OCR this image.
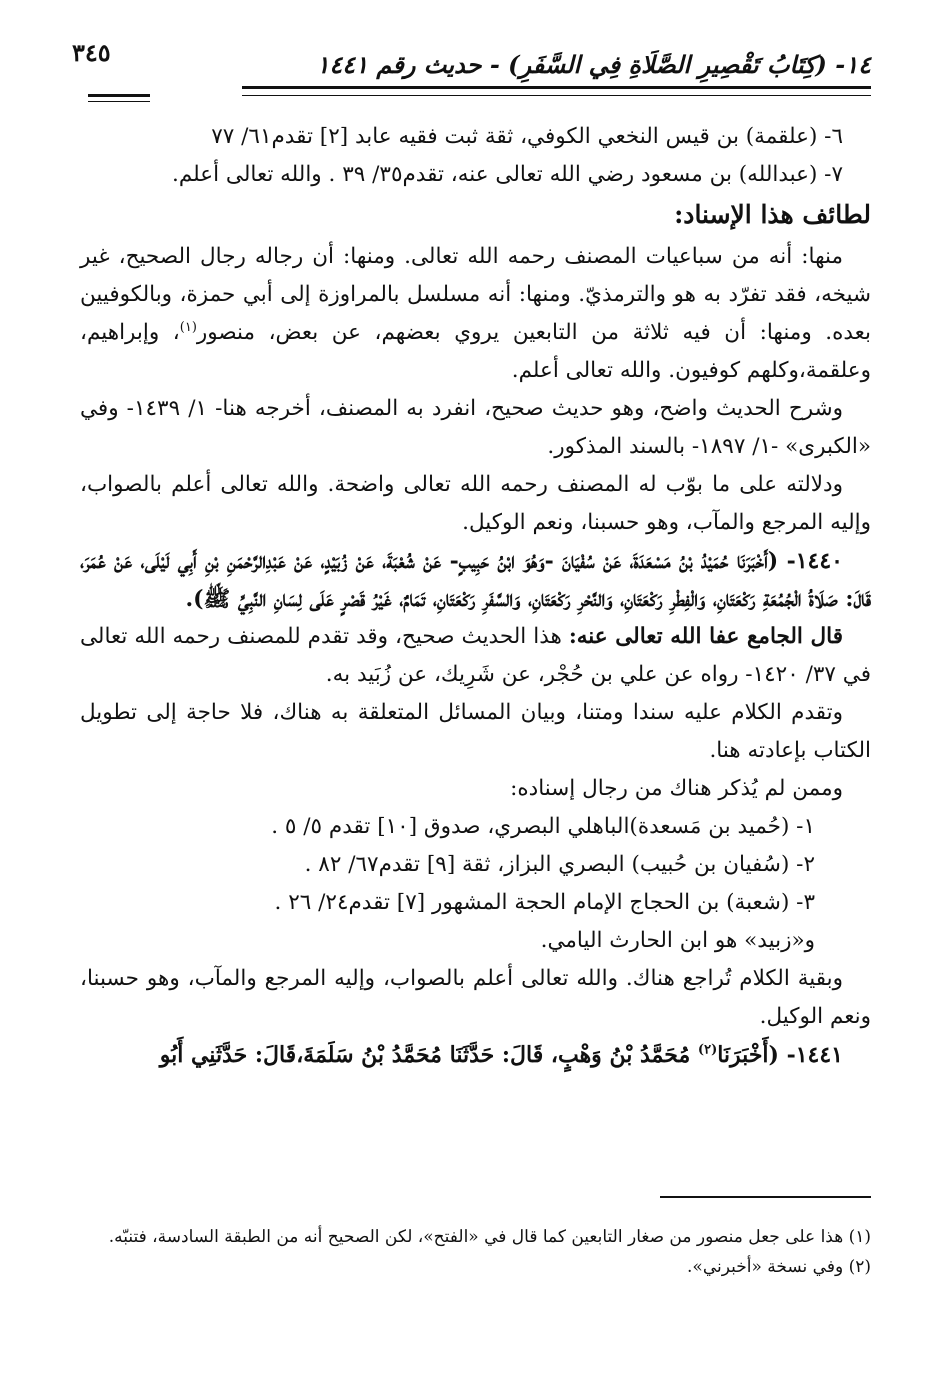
١٤- (كِتَابُ تَقْصِيرِ الصَّلَاةِ فِي السَّفَرِ) - حديث رقم ١٤٤١
٣٤٥

٦- (علقمة) بن قيس النخعي الكوفي، ثقة ثبت فقيه عابد [٢] تقدم٦١/ ٧٧

٧- (عبدالله) بن مسعود رضي الله تعالى عنه، تقدم٣٥/ ٣٩ . والله تعالى أعلم.

لطائف هذا الإسناد:

منها: أنه من سباعيات المصنف رحمه الله تعالى. ومنها: أن رجاله رجال الصحيح، غير شيخه، فقد تفرّد به هو والترمذيّ. ومنها: أنه مسلسل بالمراوزة إلى أبي حمزة، وبالكوفيين بعده. ومنها: أن فيه ثلاثة من التابعين يروي بعضهم، عن بعض، منصور$^{(١)}$، وإبراهيم، وعلقمة،وكلهم كوفيون. والله تعالى أعلم.

وشرح الحديث واضح، وهو حديث صحيح، انفرد به المصنف، أخرجه هنا- ١/ ١٤٣٩- وفي «الكبرى» -١/ ١٨٩٧- بالسند المذكور.

ودلالته على ما بوّب له المصنف رحمه الله تعالى واضحة. والله تعالى أعلم بالصواب، وإليه المرجع والمآب، وهو حسبنا، ونعم الوكيل.

١٤٤٠- (أَخْبَرَنَا حُمَيْدُ بْنُ مَسْعَدَةَ، عَنْ سُفْيَانَ -وَهُوَ ابْنُ حَبِيبٍ- عَنْ شُعْبَةَ، عَنْ زُبَيْدٍ، عَنْ عَبْدِالرَّحْمَنِ بْنِ أَبِي لَيْلَى، عَنْ عُمَرَ، قَالَ: صَلَاةُ الْجُمُعَةِ رَكْعَتَانِ، وَالْفِطْرِ رَكْعَتَانِ، وَالنَّحْرِ رَكْعَتَانِ، وَالسَّفَرِ رَكْعَتَانِ، تَمَامٌ، غَيْرُ قَصْرٍ عَلَى لِسَانِ النَّبِيِّ ﷺ).

قال الجامع عفا الله تعالى عنه: هذا الحديث صحيح، وقد تقدم للمصنف رحمه الله تعالى في ٣٧/ ١٤٢٠- رواه عن علي بن حُجْر، عن شَرِيك، عن زُبَيد به.

وتقدم الكلام عليه سندا ومتنا، وبيان المسائل المتعلقة به هناك، فلا حاجة إلى تطويل الكتاب بإعادته هنا.

وممن لم يُذكر هناك من رجال إسناده:

١- (حُميد بن مَسعدة)الباهلي البصري، صدوق [١٠] تقدم ٥/ ٥ .

٢- (سُفيان بن حُبيب) البصري البزاز، ثقة [٩] تقدم٦٧/ ٨٢ .

٣- (شعبة) بن الحجاج الإمام الحجة المشهور [٧] تقدم٢٤/ ٢٦ .

و«زبيد» هو ابن الحارث اليامي.

وبقية الكلام تُراجع هناك. والله تعالى أعلم بالصواب، وإليه المرجع والمآب، وهو حسبنا، ونعم الوكيل.

١٤٤١- (أَخْبَرَنَا$^{(٢)}$ مُحَمَّدُ بْنُ وَهْبٍ، قَالَ: حَدَّثَنَا مُحَمَّدُ بْنُ سَلَمَةَ،قَالَ: حَدَّثَنِي أَبُو

(١) هذا على جعل منصور من صغار التابعين كما قال في «الفتح»، لكن الصحيح أنه من الطبقة السادسة، فتنبّه.

(٢) وفي نسخة «أخبرني».
